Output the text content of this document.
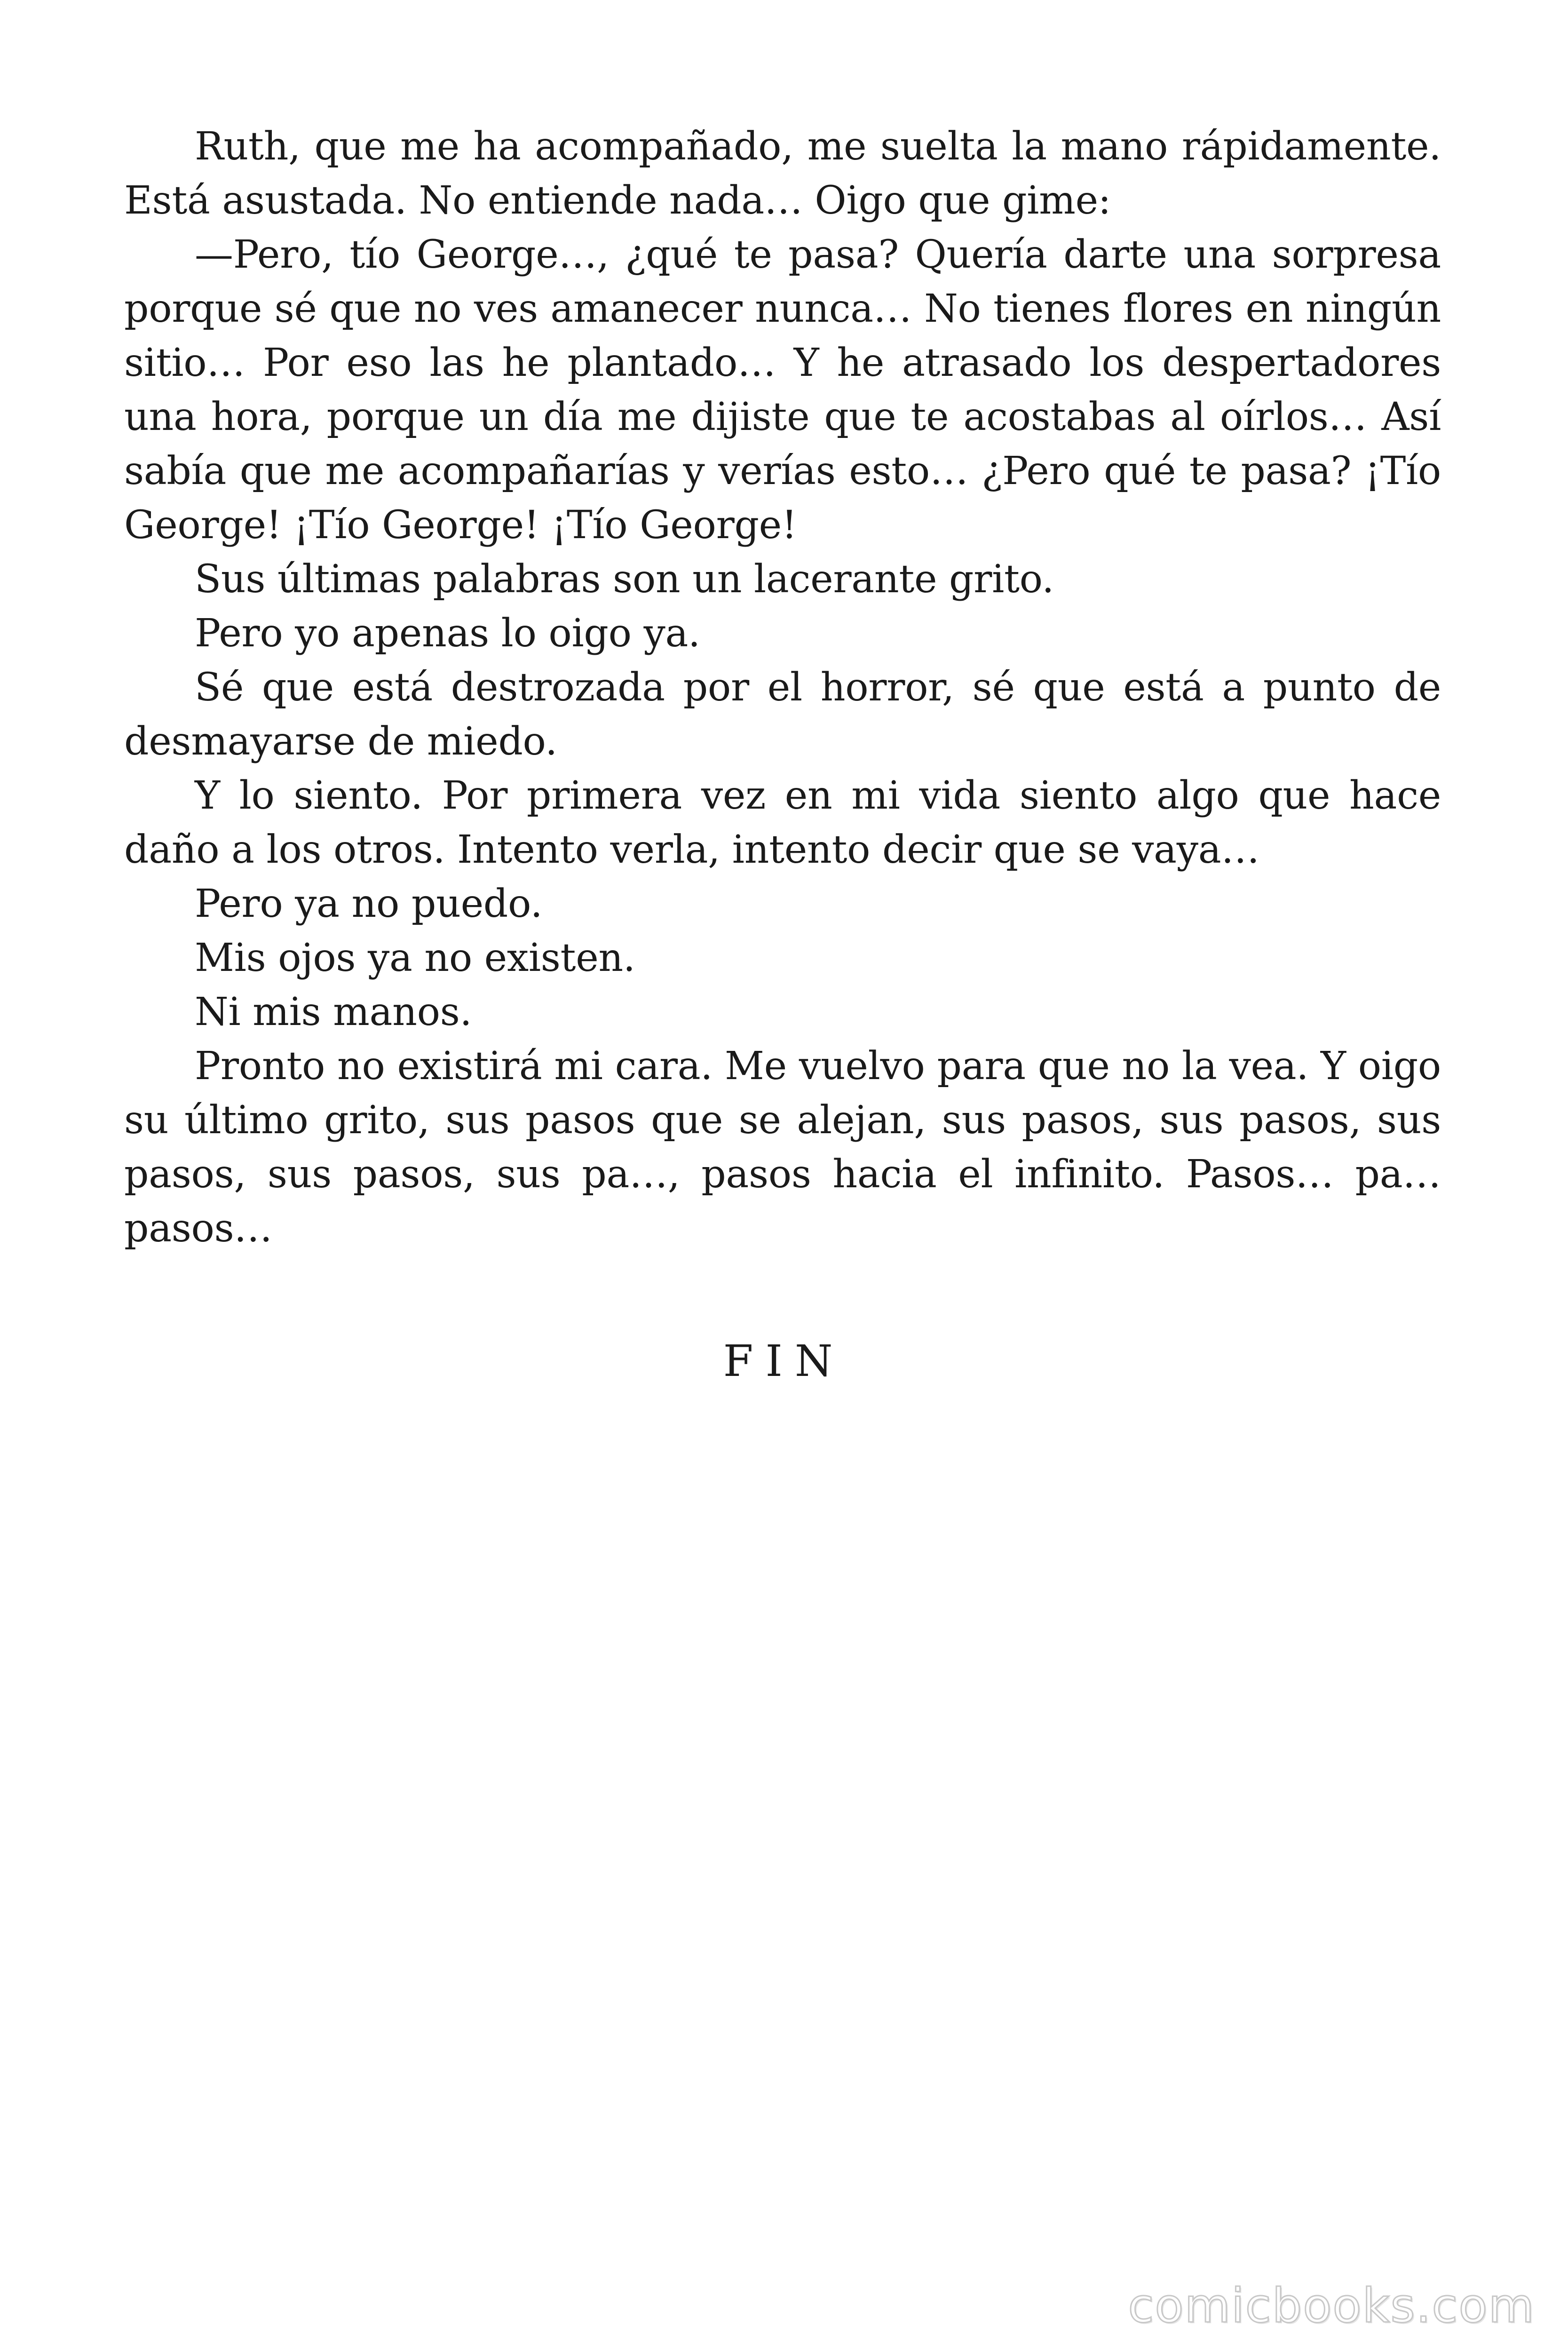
Ruth, que me ha acompañado, me suelta la mano rápidamente. Está asustada. No entiende nada… Oigo que gime:

—Pero, tío George…, ¿qué te pasa? Quería darte una sorpresa porque sé que no ves amanecer nunca… No tienes flores en ningún sitio… Por eso las he plantado… Y he atrasado los despertadores una hora, porque un día me dijiste que te acostabas al oírlos… Así sabía que me acompañarías y verías esto… ¿Pero qué te pasa? ¡Tío George! ¡Tío George! ¡Tío George!

Sus últimas palabras son un lacerante grito.

Pero yo apenas lo oigo ya.

Sé que está destrozada por el horror, sé que está a punto de desmayarse de miedo.

Y lo siento. Por primera vez en mi vida siento algo que hace daño a los otros. Intento verla, intento decir que se vaya…

Pero ya no puedo.

Mis ojos ya no existen.

Ni mis manos.

Pronto no existirá mi cara. Me vuelvo para que no la vea. Y oigo su último grito, sus pasos que se alejan, sus pasos, sus pasos, sus pasos, sus pasos, sus pa…, pasos hacia el infinito. Pasos… pa… pasos…

FIN

comicbooks.com
